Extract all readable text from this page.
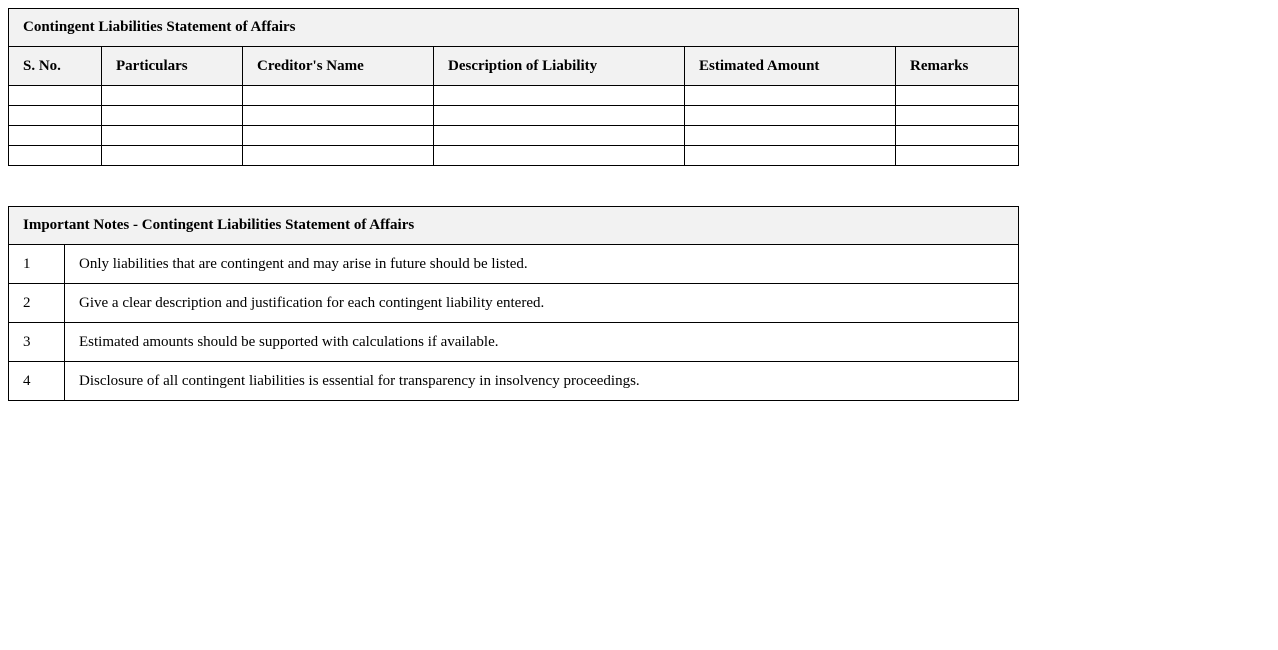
Contingent Liabilities Statement of Affairs					
S. No.	Particulars	Creditor's Name	Description of Liability	Estimated Amount	Remarks

Important Notes - Contingent Liabilities Statement of Affairs	
1	Only liabilities that are contingent and may arise in future should be listed.
2	Give a clear description and justification for each contingent liability entered.
3	Estimated amounts should be supported with calculations if available.
4	Disclosure of all contingent liabilities is essential for transparency in insolvency proceedings.
